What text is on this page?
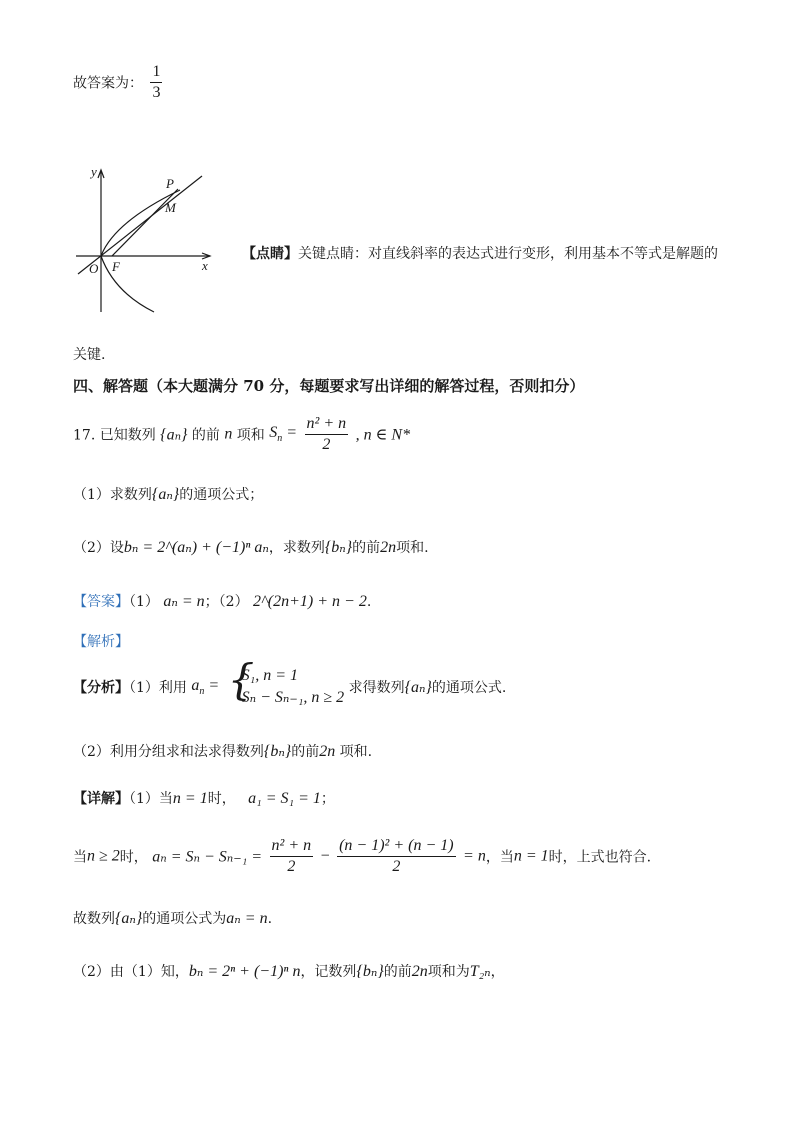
故答案为： $\frac{1}{3}$
y
x
O F
P
M
【点睛】关键点睛：对直线斜率的表达式进行变形，利用基本不等式是解题的
关键.
四、解答题（本大题满分 70 分，每题要求写出详细的解答过程，否则扣分）
17. 已知数列 {aₙ} 的前 n 项和 $S_n = \frac{\text{n² + n}}{2}$ , n ∈ N*
（1）求数列{aₙ}的通项公式；
（2）设bₙ = 2^(aₙ) + (−1)ⁿ aₙ，求数列{bₙ}的前2n项和.
【答案】（1） aₙ = n；（2） 2^(2n+1) + n − 2.
【解析】
【分析】（1）利用 $a_n$ = {
S₁, n = 1
Sₙ − Sₙ₋₁, n ≥ 2
求得数列{aₙ}的通项公式.
（2）利用分组求和法求得数列{bₙ}的前2n 项和.
【详解】（1）当n = 1时， a₁ = S₁ = 1；
当n ≥ 2时， $a_n = S_n - S_{n-1} = \frac{\text{n² + n}}{2} - \frac{\text{(n − 1)² + (n − 1)}}{2} = n$，当n = 1时，上式也符合.
故数列{aₙ}的通项公式为aₙ = n.
（2）由（1）知，bₙ = 2ⁿ + (−1)ⁿ n，记数列{bₙ}的前2n项和为T₂ₙ，
